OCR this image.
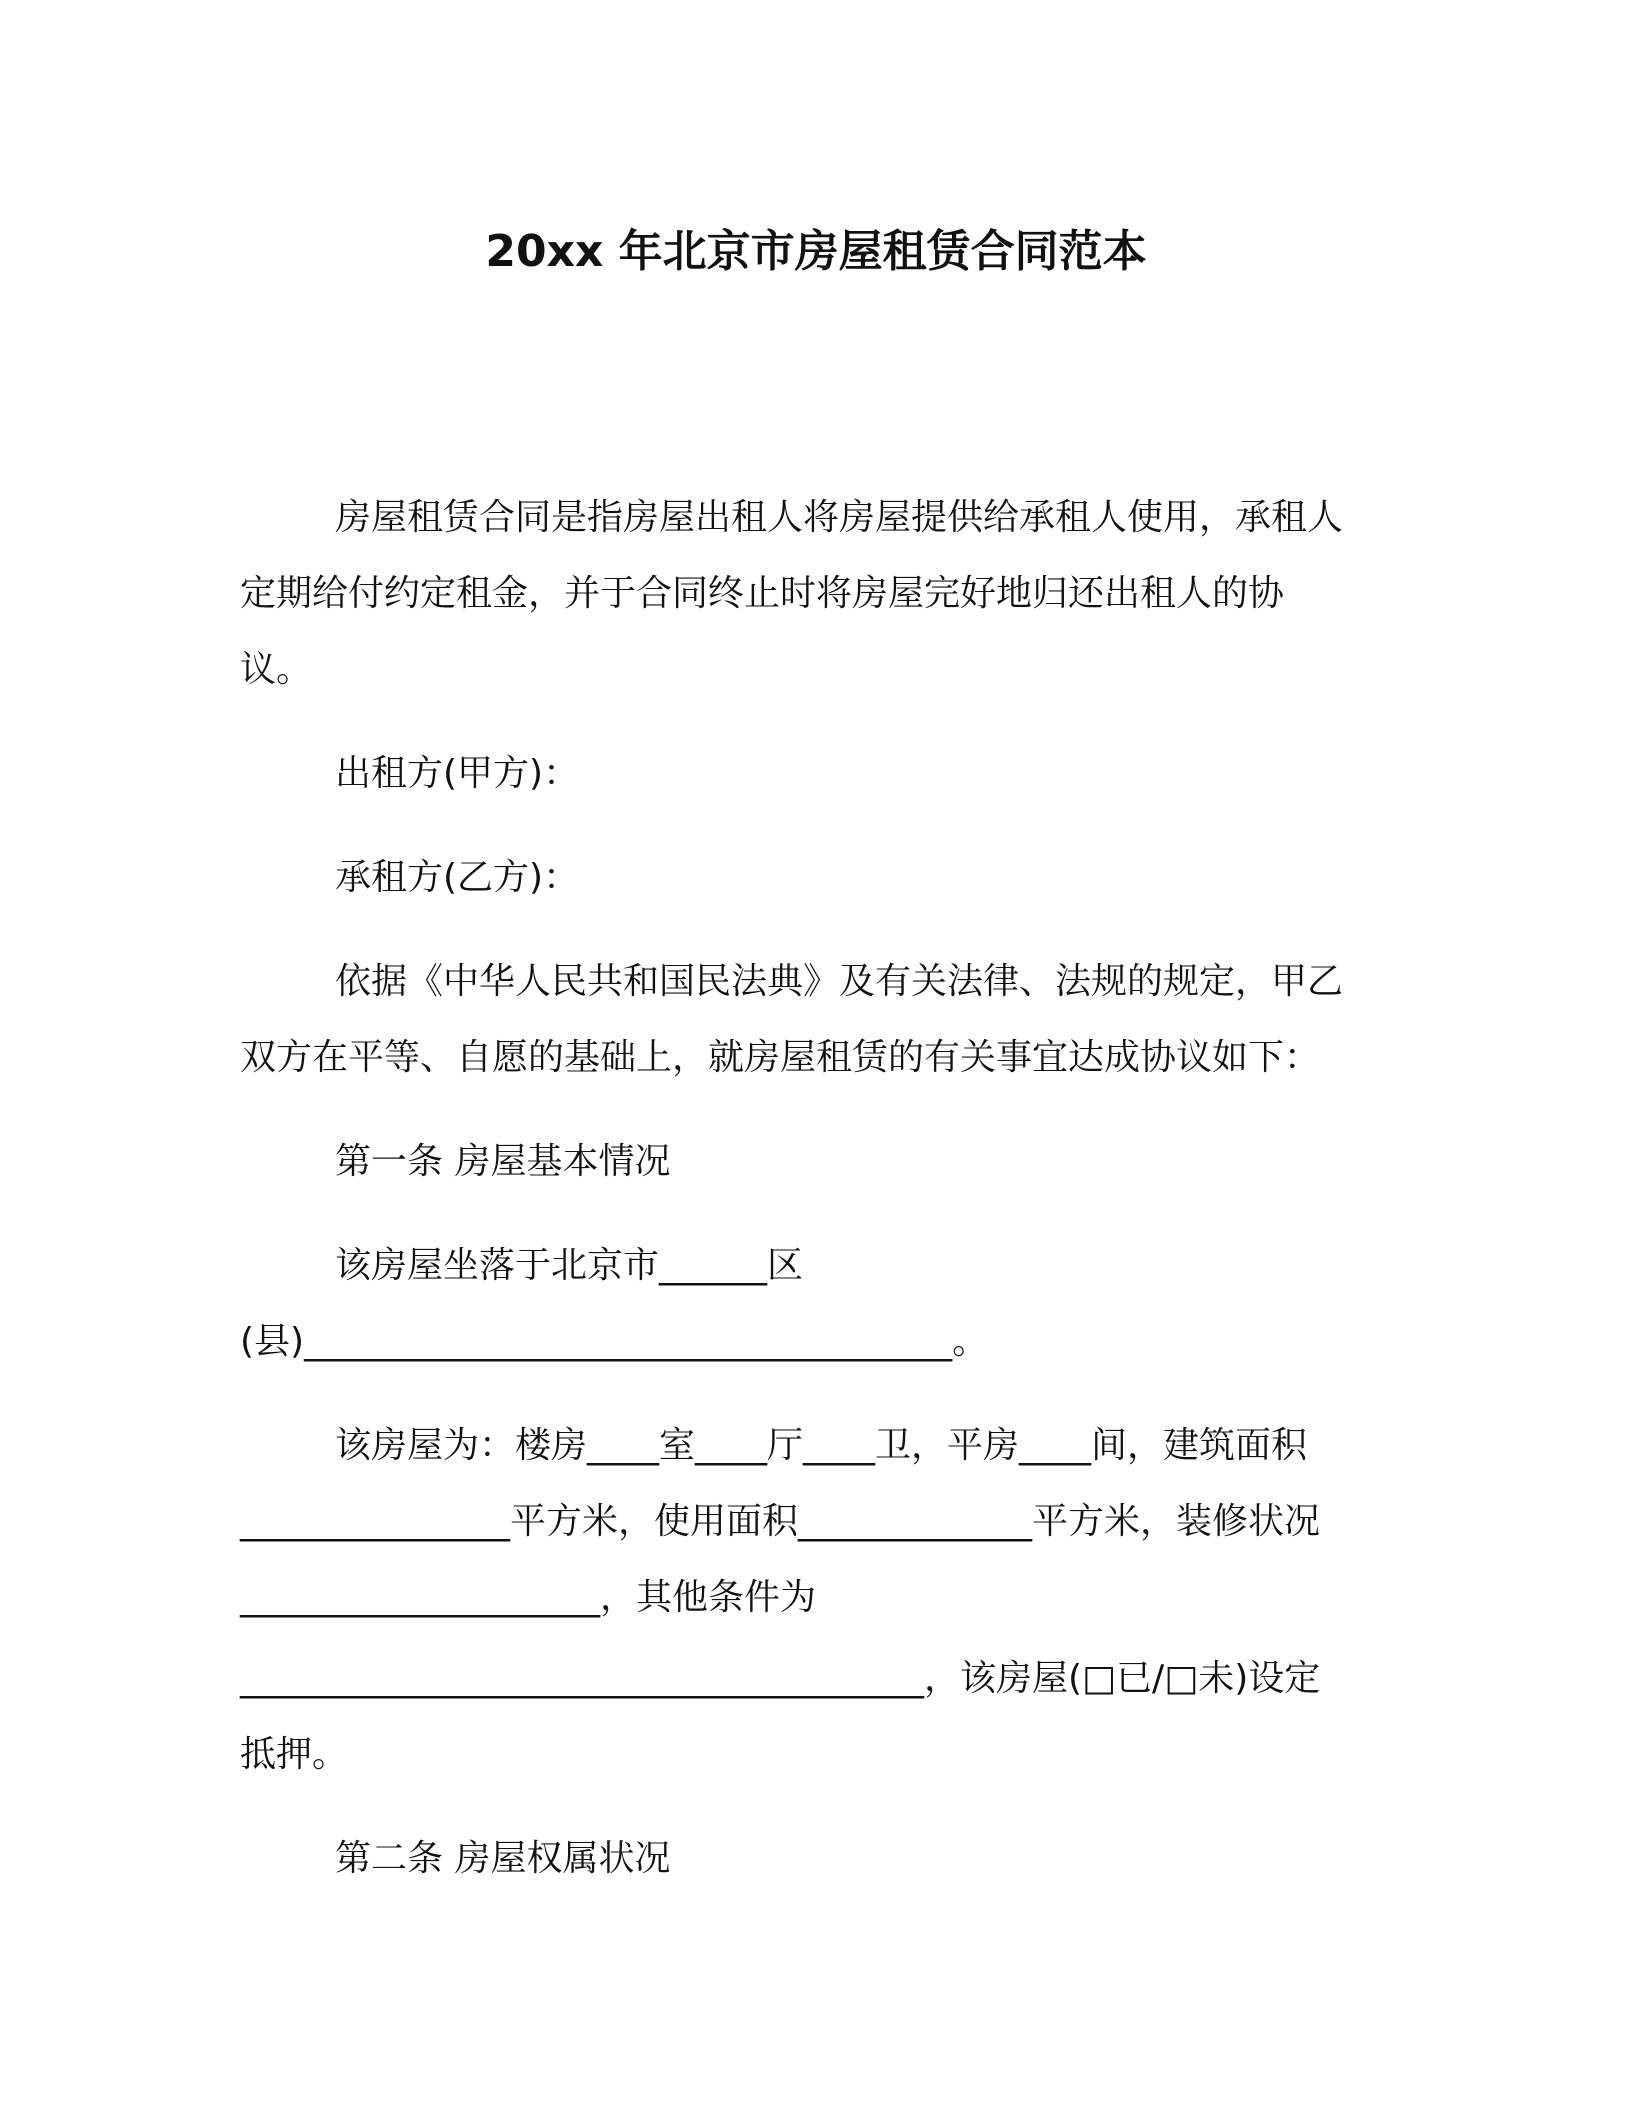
20xx 年北京市房屋租赁合同范本
房屋租赁合同是指房屋出租人将房屋提供给承租人使用，承租人
定期给付约定租金，并于合同终止时将房屋完好地归还出租人的协
议。
出租方(甲方)：
承租方(乙方)：
依据《中华人民共和国民法典》及有关法律、法规的规定，甲乙
双方在平等、自愿的基础上，就房屋租赁的有关事宜达成协议如下：
第一条 房屋基本情况
该房屋坐落于北京市______区
(县)____________________________________。
该房屋为：楼房____室____厅____卫，平房____间，建筑面积
_______________平方米，使用面积_____________平方米，装修状况
____________________，其他条件为
______________________________________，该房屋(□已/□未)设定
抵押。
第二条 房屋权属状况
